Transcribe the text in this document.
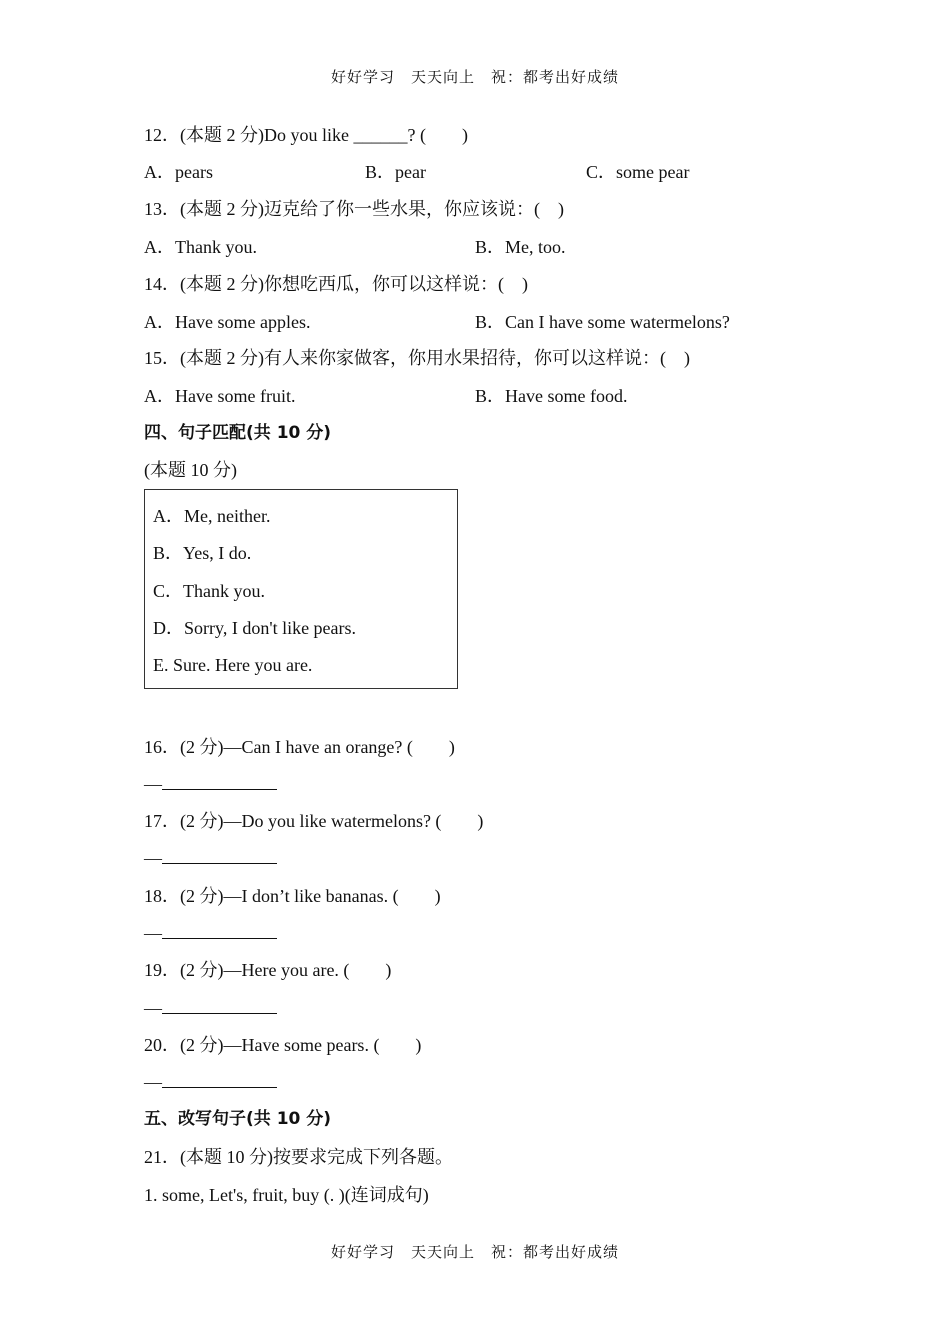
好好学习　天天向上　祝：都考出好成绩
12．(本题 2 分)Do you like ______? (　　)
A．pears	B．pear	C．some pear
13．(本题 2 分)迈克给了你一些水果，你应该说：(　)
A．Thank you.	B．Me, too.
14．(本题 2 分)你想吃西瓜，你可以这样说：(　)
A．Have some apples.	B．Can I have some watermelons?
15．(本题 2 分)有人来你家做客，你用水果招待，你可以这样说：(　)
A．Have some fruit.	B．Have some food.
四、句子匹配(共 10 分)
(本题 10 分)
A．Me, neither.
B．Yes, I do.
C．Thank you.
D．Sorry, I don't like pears.
E. Sure. Here you are.
16．(2 分)—Can I have an orange? (　　)
—
17．(2 分)—Do you like watermelons? (　　)
—
18．(2 分)—I don’t like bananas. (　　)
—
19．(2 分)—Here you are. (　　)
—
20．(2 分)—Have some pears. (　　)
—
五、改写句子(共 10 分)
21．(本题 10 分)按要求完成下列各题。
1. some, Let's, fruit, buy (. )(连词成句)
好好学习　天天向上　祝：都考出好成绩
